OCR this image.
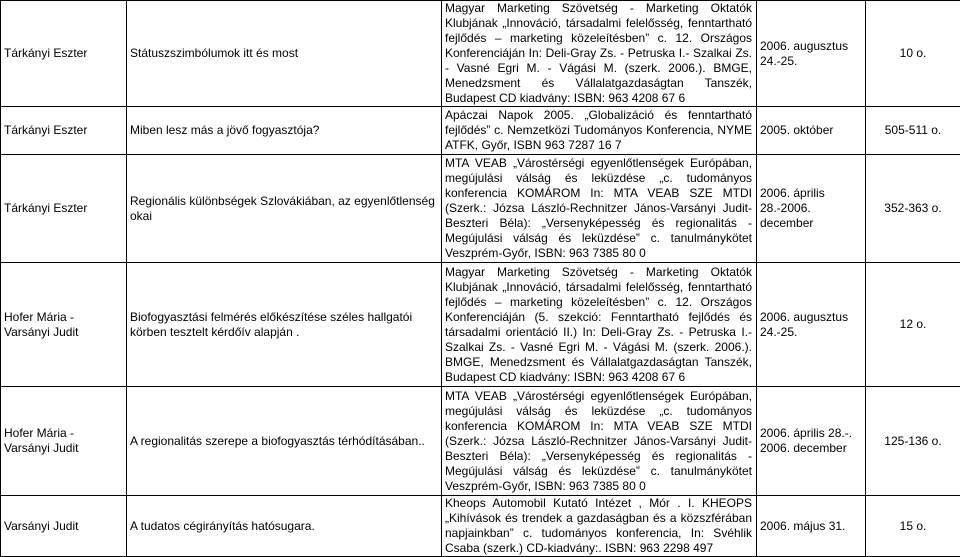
Tárkányi Eszter	Státuszszimbólumok itt és most	Magyar Marketing Szövetség - Marketing Oktatók Klubjának „Innováció, társadalmi felelősség, fenntartható fejlődés – marketing közeleítésben” c. 12. Országos Konferenciáján In: Deli-Gray Zs. - Petruska I.- Szalkai Zs. - Vasné Egri M. - Vágási M. (szerk. 2006.). BMGE, Menedzsment és Vállalatgazdaságtan Tanszék, Budapest CD kiadvány: ISBN: 963 4208 67 6	2006. augusztus 24.-25.	10 o.
Tárkányi Eszter	Miben lesz más a jövő fogyasztója?	Apáczai Napok 2005. „Globalizáció és fenntartható fejlődés” c. Nemzetközi Tudományos Konferencia, NYME ATFK, Győr, ISBN 963 7287 16 7	2005. október	505-511 o.
Tárkányi Eszter	Regionális különbségek Szlovákiában, az egyenlőtlenség okai	MTA VEAB „Várostérségi egyenlőtlenségek Európában, megújulási válság és leküzdése „c. tudományos konferencia KOMÁROM In: MTA VEAB SZE MTDI (Szerk.: Józsa László-Rechnitzer János-Varsányi Judit-Beszteri Béla): „Versenyképesség és regionalitás - Megújulási válság és leküzdése” c. tanulmánykötet Veszprém-Győr, ISBN: 963 7385 80 0	2006. április 28.-2006. december	352-363 o.
Hofer Mária - Varsányi Judit	Biofogyasztási felmérés előkészítése széles hallgatói körben tesztelt kérdőív alapján .	Magyar Marketing Szövetség - Marketing Oktatók Klubjának „Innováció, társadalmi felelősség, fenntartható fejlődés – marketing közeleítésben” c. 12. Országos Konferenciáján (5. szekció: Fenntartható fejlődés és társadalmi orientáció II.) In: Deli-Gray Zs. - Petruska I.- Szalkai Zs. - Vasné Egri M. - Vágási M. (szerk. 2006.). BMGE, Menedzsment és Vállalatgazdaságtan Tanszék, Budapest CD kiadvány: ISBN: 963 4208 67 6	2006. augusztus 24.-25.	12 o.
Hofer Mária - Varsányi Judit	A regionalitás szerepe a biofogyasztás térhódításában..	MTA VEAB „Várostérségi egyenlőtlenségek Európában, megújulási válság és leküzdése „c. tudományos konferencia KOMÁROM In: MTA VEAB SZE MTDI (Szerk.: Józsa László-Rechnitzer János-Varsányi Judit-Beszteri Béla): „Versenyképesség és regionalitás - Megújulási válság és leküzdése” c. tanulmánykötet Veszprém-Győr, ISBN: 963 7385 80 0	2006. április 28.-. 2006. december	125-136 o.
Varsányi Judit	A tudatos cégirányítás hatósugara.	Kheops Automobil Kutató Intézet , Mór . I. KHEOPS „Kihívások és trendek a gazdaságban és a közszférában napjainkban” c. tudományos konferencia, In: Svéhlik Csaba (szerk.) CD-kiadvány:. ISBN: 963 2298 497	2006. május 31.	15 o.
